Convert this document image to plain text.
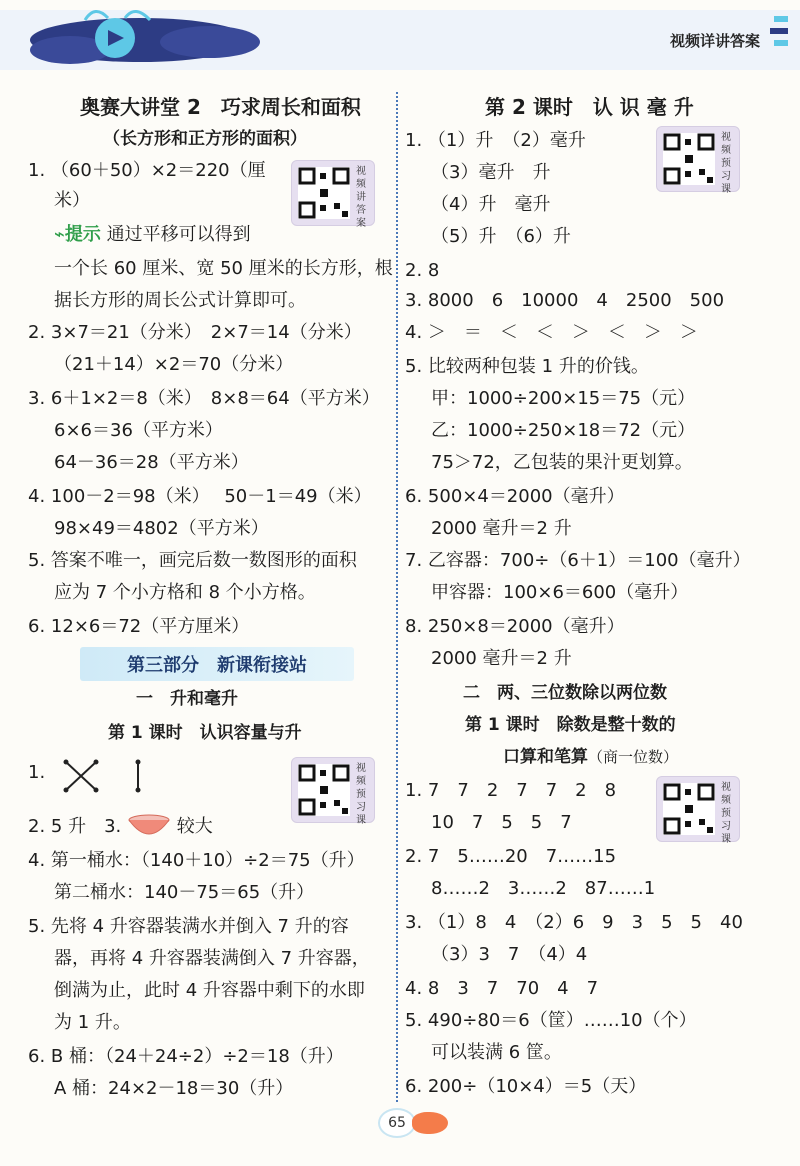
视频详讲答案
奥赛大讲堂 2　巧求周长和面积
（长方形和正方形的面积）
1. （60＋50）×2＝220（厘
米）
⌁提示 通过平移可以得到
一个长 60 厘米、宽 50 厘米的长方形，根
据长方形的周长公式计算即可。
2. 3×7＝21（分米）　2×7＝14（分米）
（21＋14）×2＝70（分米）
3. 6＋1×2＝8（米）　8×8＝64（平方米）
6×6＝36（平方米）
64－36＝28（平方米）
4. 100－2＝98（米）　 50－1＝49（米）
98×49＝4802（平方米）
5. 答案不唯一，画完后数一数图形的面积
应为 7 个小方格和 8 个小方格。
6. 12×6＝72（平方厘米）
一　升和毫升
第 1 课时　认识容量与升
1.
2. 5 升　3.	较大
4. 第一桶水：（140＋10）÷2＝75（升）
第二桶水：140－75＝65（升）
5. 先将 4 升容器装满水并倒入 7 升的容
器，再将 4 升容器装满倒入 7 升容器，
倒满为止，此时 4 升容器中剩下的水即
为 1 升。
6. B 桶：（24＋24÷2）÷2＝18（升）
A 桶：24×2－18＝30（升）
第三部分　新课衔接站
视频讲答案
视频预习课
第 2 课时　认 识 毫 升
1. （1）升　（2）毫升
（3）毫升　升
（4）升　毫升
（5）升　（6）升
2. 8
3. 8000　6　10000　4　2500　500
4. ＞　＝　＜　＜　＞　＜　＞　＞
5. 比较两种包装 1 升的价钱。
甲：1000÷200×15＝75（元）
乙：1000÷250×18＝72（元）
75＞72，乙包装的果汁更划算。
6. 500×4＝2000（毫升）
2000 毫升＝2 升
7. 乙容器：700÷（6＋1）＝100（毫升）
甲容器：100×6＝600（毫升）
8. 250×8＝2000（毫升）
2000 毫升＝2 升
二　两、三位数除以两位数
第 1 课时　除数是整十数的
口算和笔算（商一位数）
1. 7　7　2　7　7　2　8
10　7　5　5　7
2. 7　5……20　7……15
8……2　3……2　87……1
3. （1）8　4　（2）6　9　3　5　5　40
（3）3　7　（4）4
4. 8　3　7　70　4　7
5. 490÷80＝6（筐）……10（个）
可以装满 6 筐。
6. 200÷（10×4）＝5（天）
视频预习课
视频预习课
65
